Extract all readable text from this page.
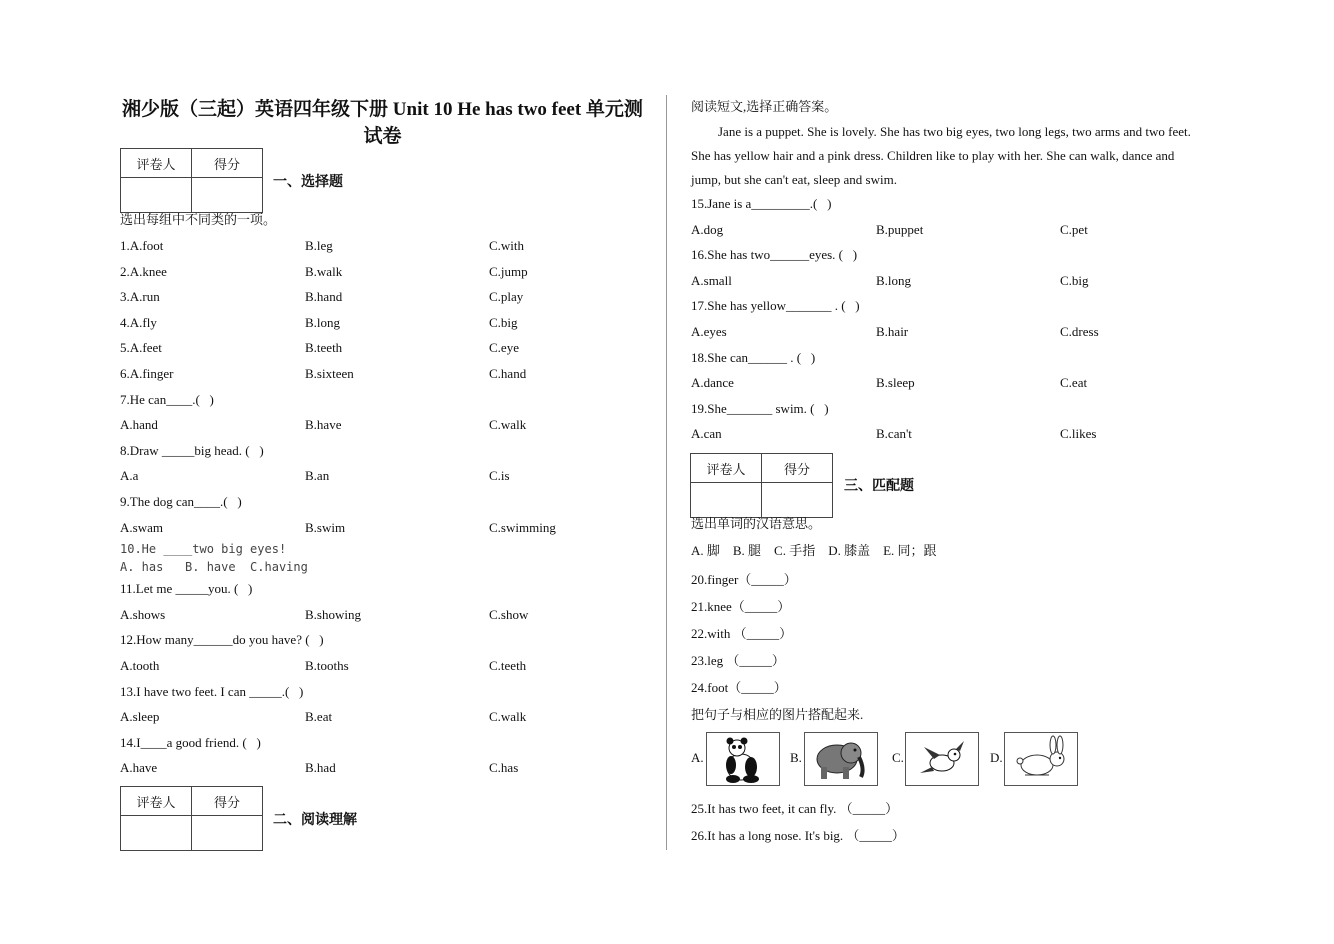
湘少版（三起）英语四年级下册 Unit 10 He has two feet 单元测试卷
评卷人	得分

一、选择题
选出每组中不同类的一项。
1.A.foot	B.leg	C.with
2.A.knee	B.walk	C.jump
3.A.run	B.hand	C.play
4.A.fly	B.long	C.big
5.A.feet	B.teeth	C.eye
6.A.finger	B.sixteen	C.hand
7.He can____.(   )
A.hand	B.have	C.walk
8.Draw _____big head. (   )
A.a	B.an	C.is
9.The dog can____.(   )
A.swam	B.swim	C.swimming
10.He ____two big eyes!
A. has   B. have  C.having
11.Let me _____you. (   )
A.shows	B.showing	C.show
12.How many______do you have? (   )
A.tooth	B.tooths	C.teeth
13.I have two feet. I can _____.(   )
A.sleep	B.eat	C.walk
14.I____a good friend. (   )
A.have	B.had	C.has
评卷人	得分

二、阅读理解
阅读短文,选择正确答案。
Jane is a puppet. She is lovely. She has two big eyes, two long legs, two arms and two feet. She has yellow hair and a pink dress. Children like to play with her. She can walk, dance and jump, but she can't eat, sleep and swim.
15.Jane is a_________.(   )
A.dog	B.puppet	C.pet
16.She has two______eyes. (   )
A.small	B.long	C.big
17.She has yellow_______ . (   )
A.eyes	B.hair	C.dress
18.She can______ . (   )
A.dance	B.sleep	C.eat
19.She_______ swim. (   )
A.can	B.can't	C.likes
评卷人	得分

三、匹配题
选出单词的汉语意思。
A. 脚    B. 腿    C. 手指    D. 膝盖    E. 同；跟
20.finger（_____）
21.knee（_____）
22.with （_____）
23.leg （_____）
24.foot（_____）
把句子与相应的图片搭配起来.
A.	B.	C.	D.
25.It has two feet, it can fly. （_____）
26.It has a long nose. It's big. （_____）
